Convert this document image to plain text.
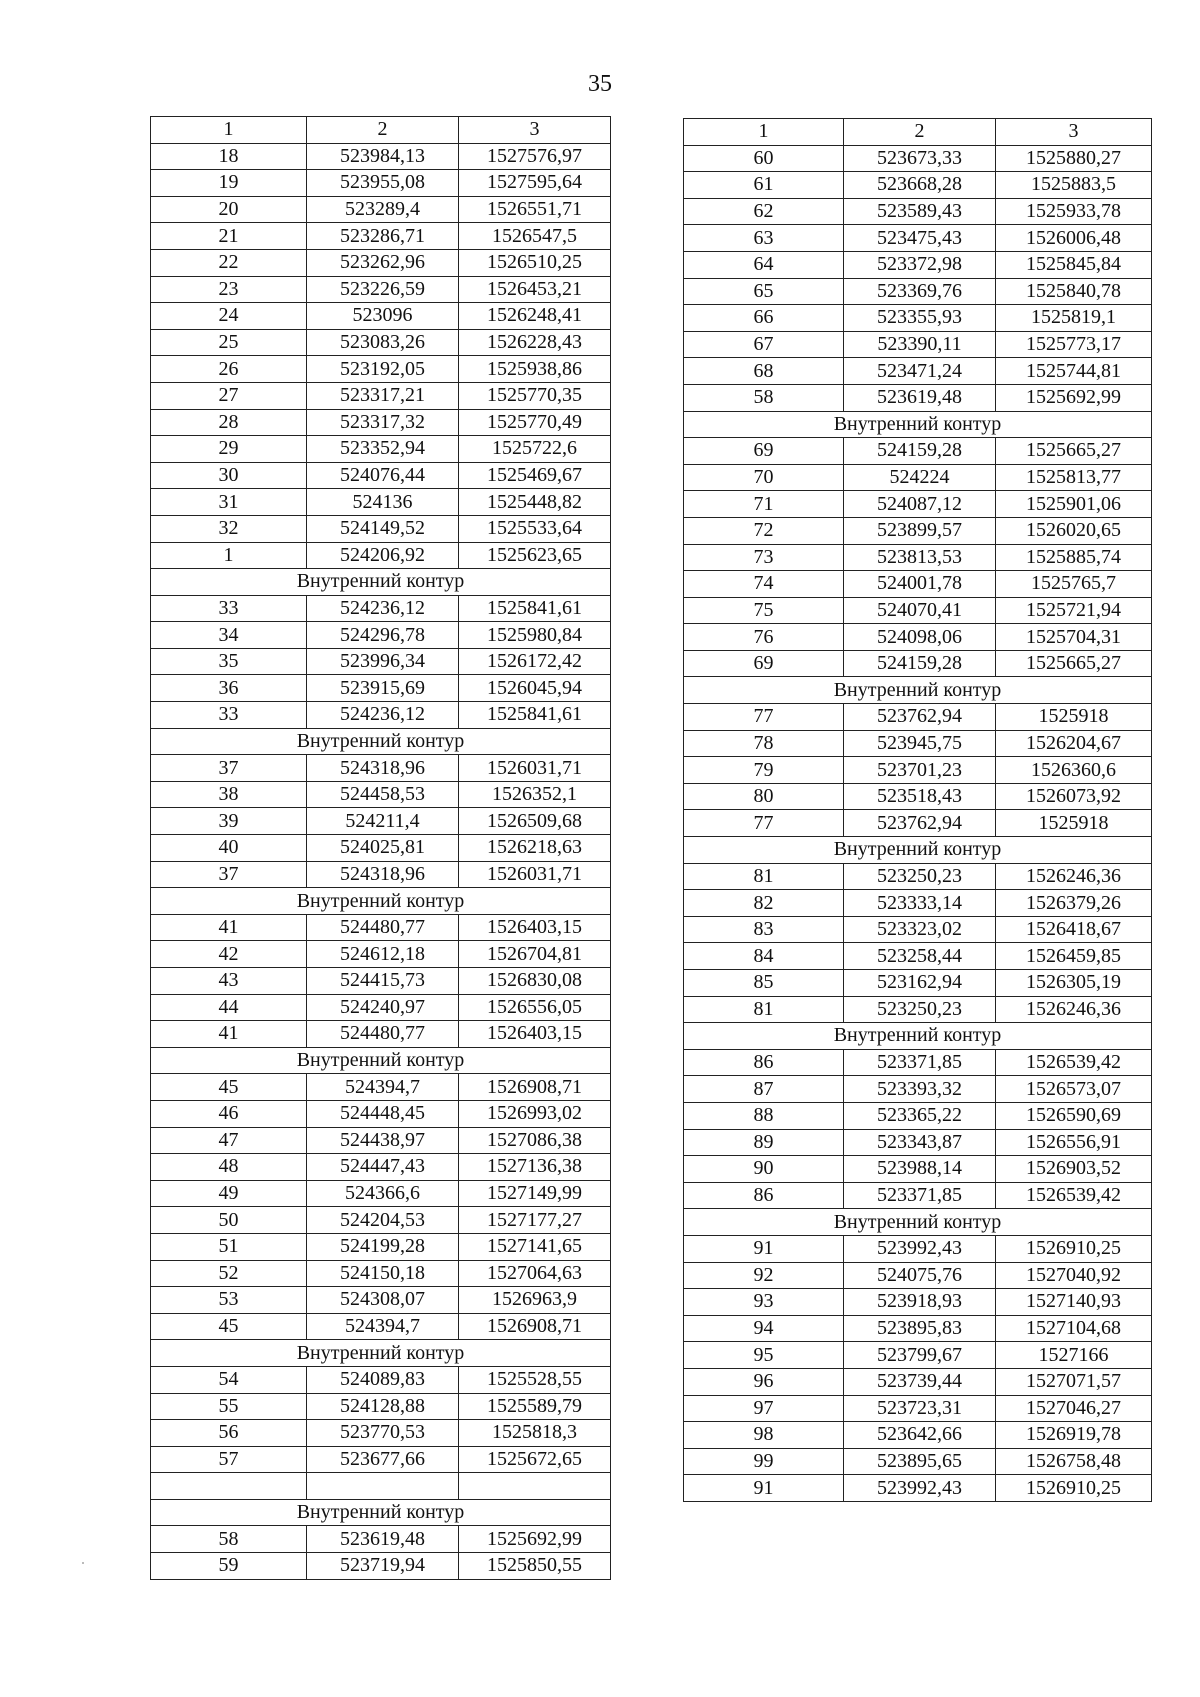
35
1	2	3
18	523984,13	1527576,97
19	523955,08	1527595,64
20	523289,4	1526551,71
21	523286,71	1526547,5
22	523262,96	1526510,25
23	523226,59	1526453,21
24	523096	1526248,41
25	523083,26	1526228,43
26	523192,05	1525938,86
27	523317,21	1525770,35
28	523317,32	1525770,49
29	523352,94	1525722,6
30	524076,44	1525469,67
31	524136	1525448,82
32	524149,52	1525533,64
1	524206,92	1525623,65
Внутренний контур		
33	524236,12	1525841,61
34	524296,78	1525980,84
35	523996,34	1526172,42
36	523915,69	1526045,94
33	524236,12	1525841,61
Внутренний контур		
37	524318,96	1526031,71
38	524458,53	1526352,1
39	524211,4	1526509,68
40	524025,81	1526218,63
37	524318,96	1526031,71
Внутренний контур		
41	524480,77	1526403,15
42	524612,18	1526704,81
43	524415,73	1526830,08
44	524240,97	1526556,05
41	524480,77	1526403,15
Внутренний контур		
45	524394,7	1526908,71
46	524448,45	1526993,02
47	524438,97	1527086,38
48	524447,43	1527136,38
49	524366,6	1527149,99
50	524204,53	1527177,27
51	524199,28	1527141,65
52	524150,18	1527064,63
53	524308,07	1526963,9
45	524394,7	1526908,71
Внутренний контур		
54	524089,83	1525528,55
55	524128,88	1525589,79
56	523770,53	1525818,3
57	523677,66	1525672,65

Внутренний контур		
58	523619,48	1525692,99
59	523719,94	1525850,55
1	2	3
60	523673,33	1525880,27
61	523668,28	1525883,5
62	523589,43	1525933,78
63	523475,43	1526006,48
64	523372,98	1525845,84
65	523369,76	1525840,78
66	523355,93	1525819,1
67	523390,11	1525773,17
68	523471,24	1525744,81
58	523619,48	1525692,99
Внутренний контур		
69	524159,28	1525665,27
70	524224	1525813,77
71	524087,12	1525901,06
72	523899,57	1526020,65
73	523813,53	1525885,74
74	524001,78	1525765,7
75	524070,41	1525721,94
76	524098,06	1525704,31
69	524159,28	1525665,27
Внутренний контур		
77	523762,94	1525918
78	523945,75	1526204,67
79	523701,23	1526360,6
80	523518,43	1526073,92
77	523762,94	1525918
Внутренний контур		
81	523250,23	1526246,36
82	523333,14	1526379,26
83	523323,02	1526418,67
84	523258,44	1526459,85
85	523162,94	1526305,19
81	523250,23	1526246,36
Внутренний контур		
86	523371,85	1526539,42
87	523393,32	1526573,07
88	523365,22	1526590,69
89	523343,87	1526556,91
90	523988,14	1526903,52
86	523371,85	1526539,42
Внутренний контур		
91	523992,43	1526910,25
92	524075,76	1527040,92
93	523918,93	1527140,93
94	523895,83	1527104,68
95	523799,67	1527166
96	523739,44	1527071,57
97	523723,31	1527046,27
98	523642,66	1526919,78
99	523895,65	1526758,48
91	523992,43	1526910,25
